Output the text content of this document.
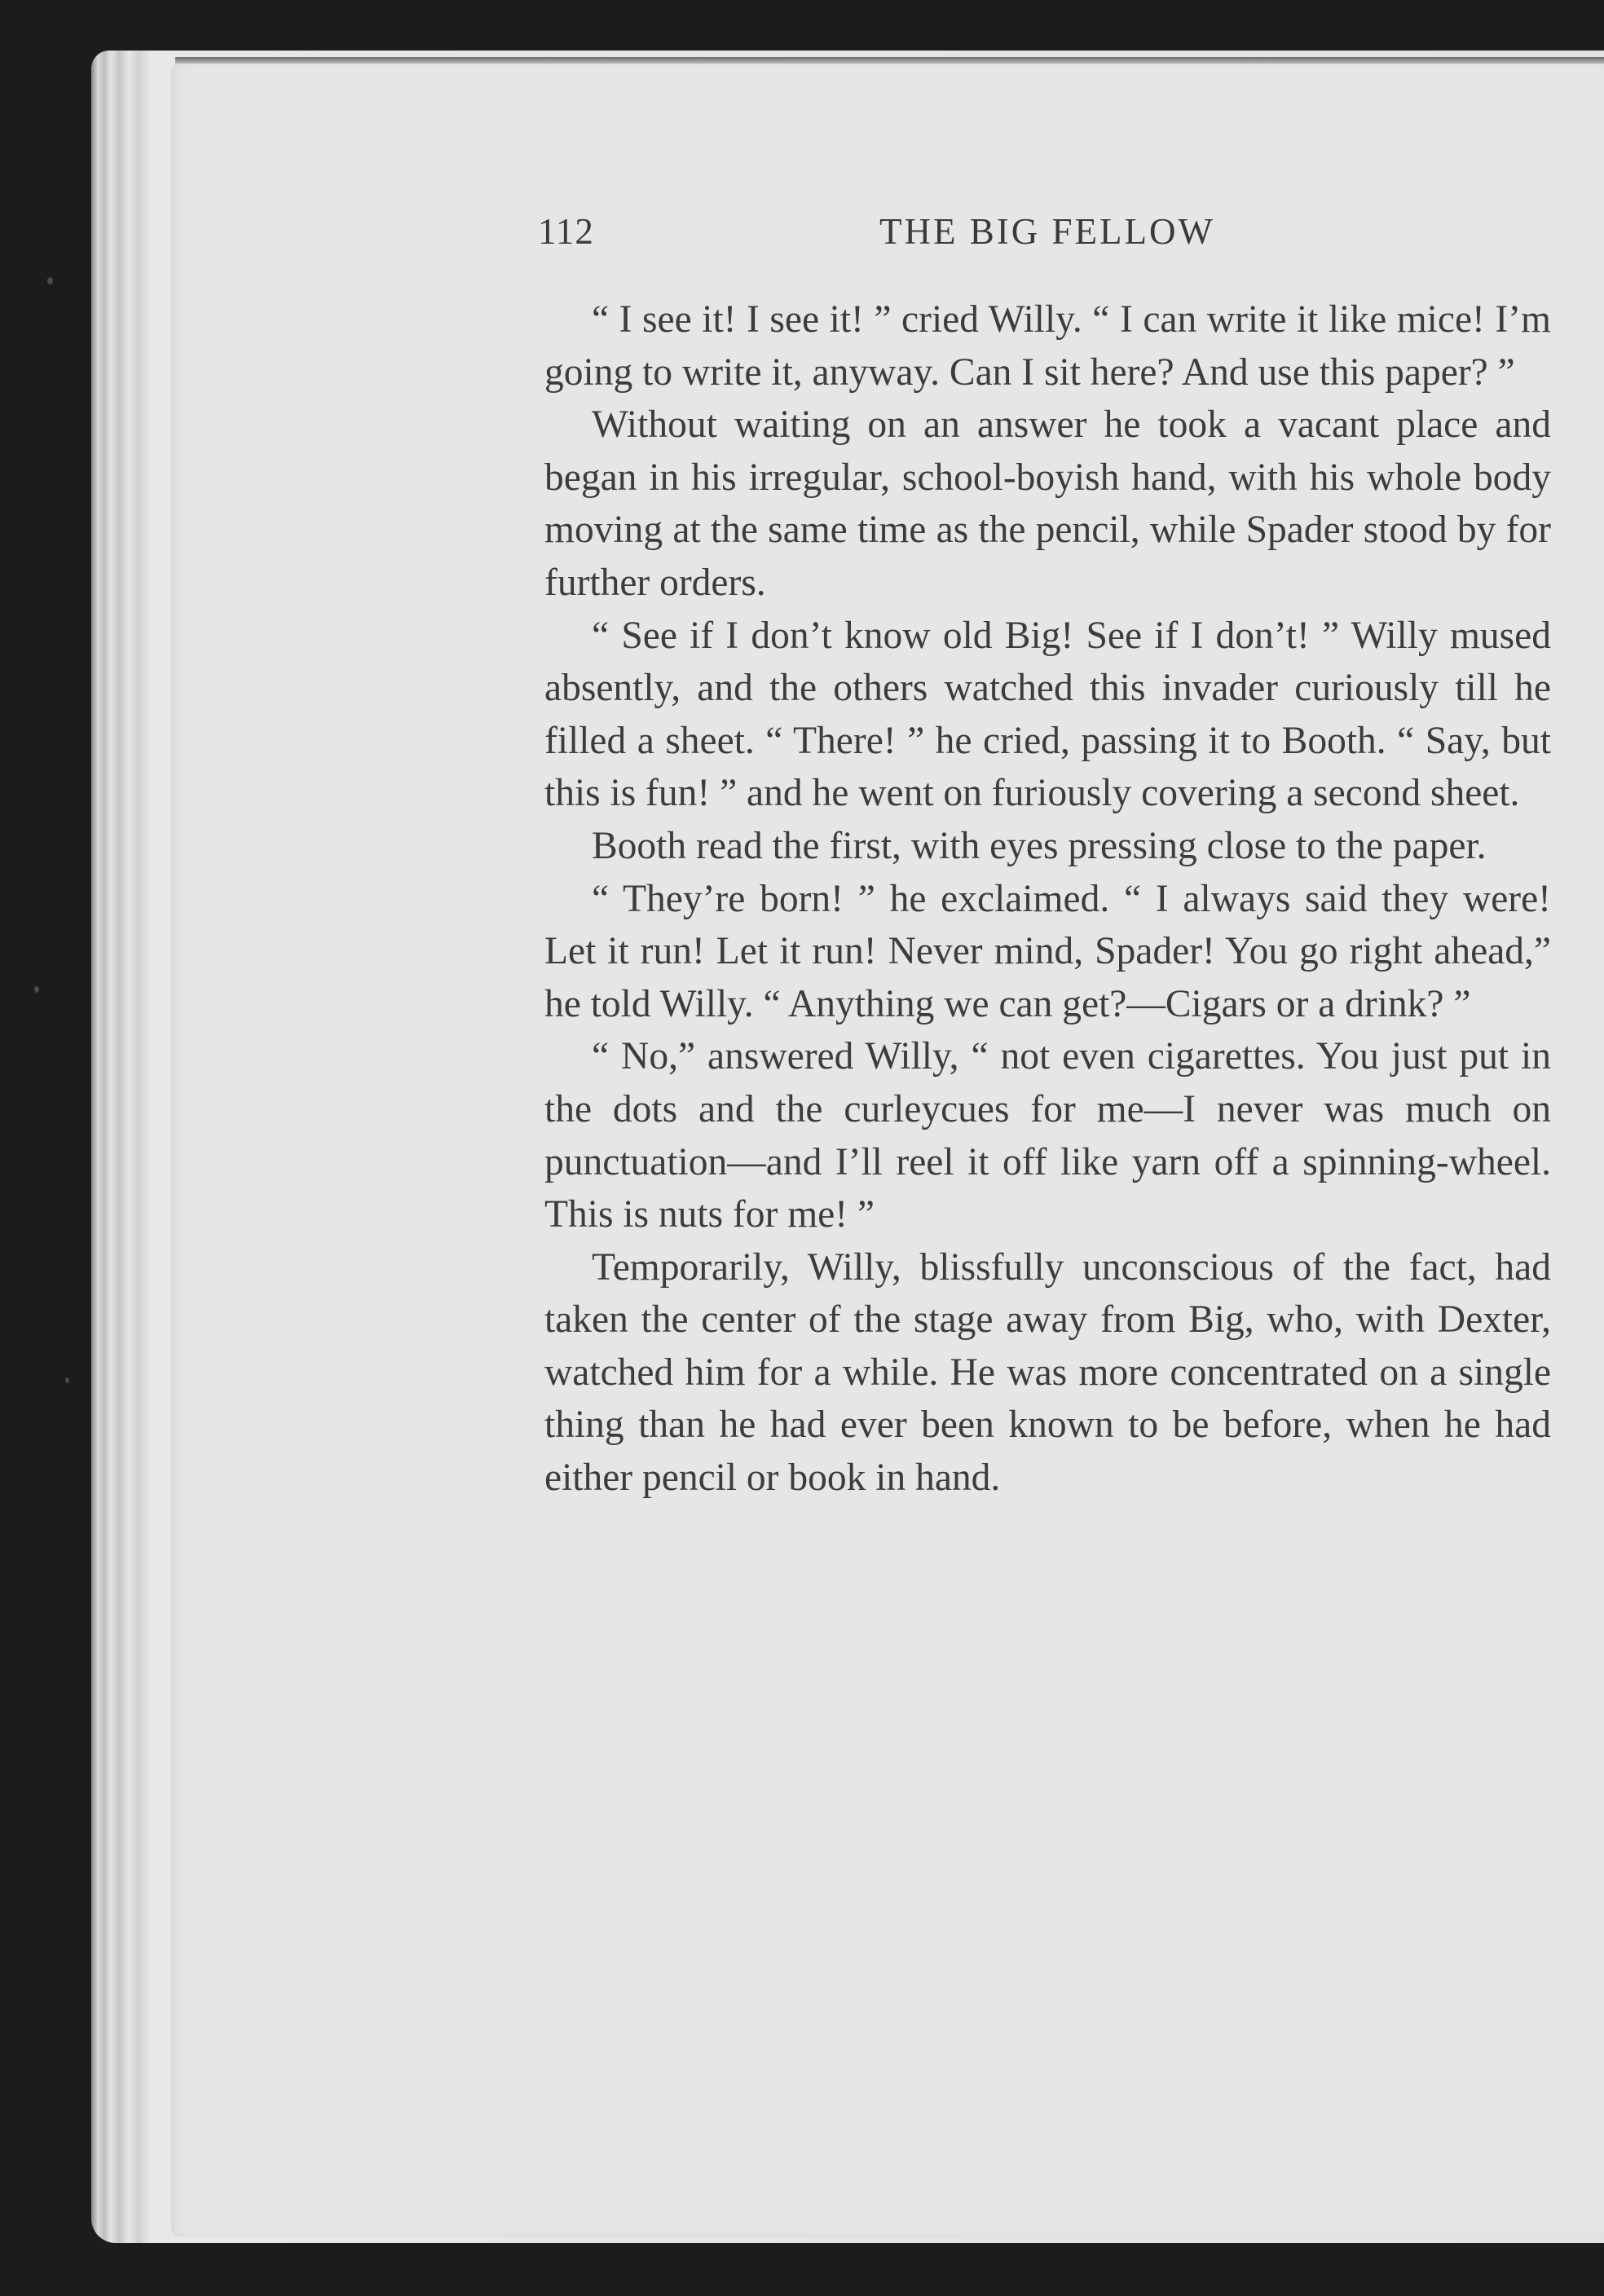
112	THE BIG FELLOW

“ I see it! I see it! ” cried Willy. “ I can write it like mice! I’m going to write it, anyway. Can I sit here? And use this paper? ”

Without waiting on an answer he took a vacant place and began in his irregular, school-boyish hand, with his whole body moving at the same time as the pencil, while Spader stood by for further orders.

“ See if I don’t know old Big! See if I don’t! ” Willy mused absently, and the others watched this invader curiously till he filled a sheet. “ There! ” he cried, passing it to Booth. “ Say, but this is fun! ” and he went on furiously covering a second sheet.

Booth read the first, with eyes pressing close to the paper.

“ They’re born! ” he exclaimed. “ I always said they were! Let it run! Let it run! Never mind, Spader! You go right ahead,” he told Willy. “ Anything we can get?—Cigars or a drink? ”

“ No,” answered Willy, “ not even cigarettes. You just put in the dots and the curleycues for me—I never was much on punctuation—and I’ll reel it off like yarn off a spinning-wheel. This is nuts for me! ”

Temporarily, Willy, blissfully unconscious of the fact, had taken the center of the stage away from Big, who, with Dexter, watched him for a while. He was more concentrated on a single thing than he had ever been known to be before, when he had either pencil or book in hand.
